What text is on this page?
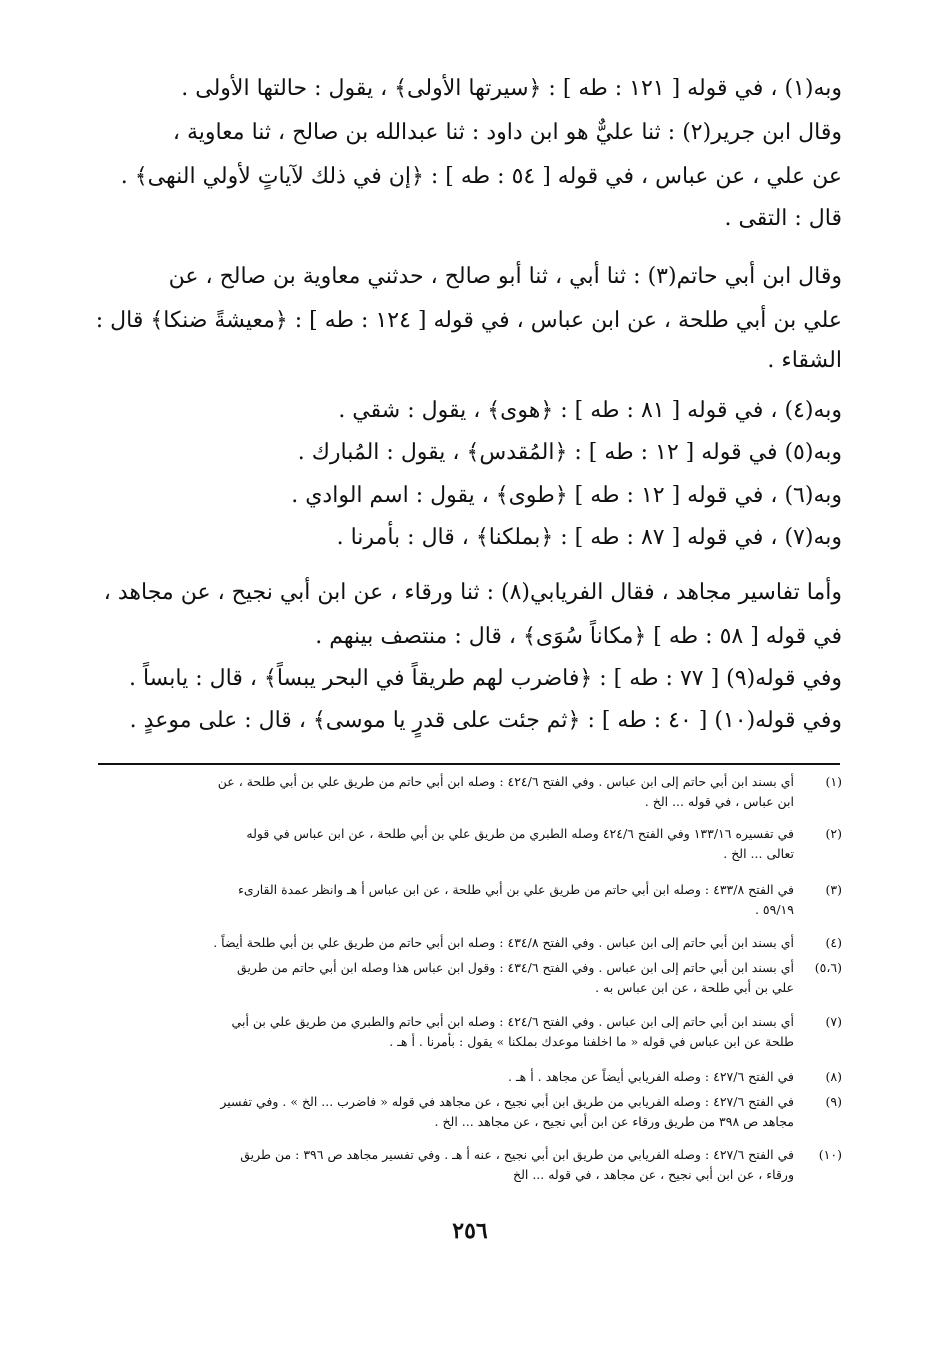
وبه(١) ، في قوله [ ١٢١ : طه ] : ﴿سيرتها الأولى﴾ ، يقول : حالتها الأولى .
وقال ابن جرير(٢) : ثنا عليٌّ هو ابن داود : ثنا عبدالله بن صالح ، ثنا معاوية ،
عن علي ، عن عباس ، في قوله [ ٥٤ : طه ] : ﴿إن في ذلك لآياتٍ لأولي النهى﴾ .
قال : التقى .
وقال ابن أبي حاتم(٣) : ثنا أبي ، ثنا أبو صالح ، حدثني معاوية بن صالح ، عن
علي بن أبي طلحة ، عن ابن عباس ، في قوله [ ١٢٤ : طه ] : ﴿معيشةً ضنكا﴾ قال :
الشقاء .
وبه(٤) ، في قوله [ ٨١ : طه ] : ﴿هوى﴾ ، يقول : شقي .
وبه(٥) في قوله [ ١٢ : طه ] : ﴿المُقدس﴾ ، يقول : المُبارك .
وبه(٦) ، في قوله [ ١٢ : طه ] ﴿طوى﴾ ، يقول : اسم الوادي .
وبه(٧) ، في قوله [ ٨٧ : طه ] : ﴿بملكنا﴾ ، قال : بأمرنا .
وأما تفاسير مجاهد ، فقال الفريابي(٨) : ثنا ورقاء ، عن ابن أبي نجيح ، عن مجاهد ،
في قوله [ ٥٨ : طه ] ﴿مكاناً سُوَى﴾ ، قال : منتصف بينهم .
وفي قوله(٩) [ ٧٧ : طه ] : ﴿فاضرب لهم طريقاً في البحر يبساً﴾ ، قال : يابساً .
وفي قوله(١٠) [ ٤٠ : طه ] : ﴿ثم جئت على قدرٍ يا موسى﴾ ، قال : على موعدٍ .
(١)
أي بسند ابن أبي حاتم إلى ابن عباس . وفي الفتح ٤٢٤/٦ : وصله ابن أبي حاتم من طريق علي بن أبي طلحة ، عن
ابن عباس ، في قوله ... الخ .
(٢)
في تفسيره ١٣٣/١٦ وفي الفتح ٤٢٤/٦ وصله الطبري من طريق علي بن أبي طلحة ، عن ابن عباس في قوله
تعالى ... الخ .
(٣)
في الفتح ٤٣٣/٨ : وصله ابن أبي حاتم من طريق علي بن أبي طلحة ، عن ابن عباس أ هـ وانظر عمدة القارىء
٥٩/١٩ .
(٤)
أي بسند ابن أبي حاتم إلى ابن عباس . وفي الفتح ٤٣٤/٨ : وصله ابن أبي حاتم من طريق علي بن أبي طلحة أيضاً .
(٥،٦)
أي بسند ابن أبي حاتم إلى ابن عباس . وفي الفتح ٤٣٤/٦ : وقول ابن عباس هذا وصله ابن أبي حاتم من طريق
علي بن أبي طلحة ، عن ابن عباس به .
(٧)
أي بسند ابن أبي حاتم إلى ابن عباس . وفي الفتح ٤٢٤/٦ : وصله ابن أبي حاتم والطبري من طريق علي بن أبي
طلحة عن ابن عباس في قوله « ما اخلفنا موعدك بملكنا » يقول : بأمرنا . أ هـ .
(٨)
في الفتح ٤٢٧/٦ : وصله الفريابي أيضاً عن مجاهد . أ هـ .
(٩)
في الفتح ٤٢٧/٦ : وصله الفريابي من طريق ابن أبي نجيح ، عن مجاهد في قوله « فاضرب ... الخ » . وفي تفسير
مجاهد ص ٣٩٨ من طريق ورقاء عن ابن أبي نجيح ، عن مجاهد ... الخ .
(١٠)
في الفتح ٤٢٧/٦ : وصله الفريابي من طريق ابن أبي نجيح ، عنه أ هـ . وفي تفسير مجاهد ص ٣٩٦ : من طريق
ورقاء ، عن ابن أبي نجيح ، عن مجاهد ، في قوله ... الخ
٢٥٦
